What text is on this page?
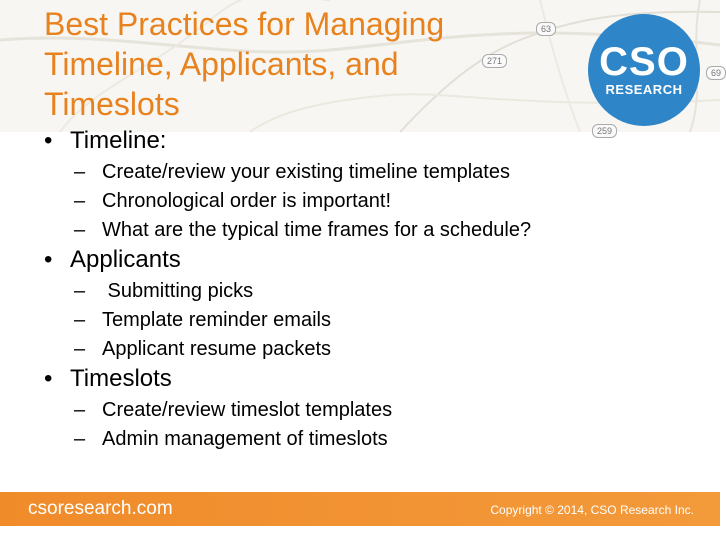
63
271
69
259
Best Practices for Managing Timeline, Applicants, and Timeslots
CSO
RESEARCH
• Timeline:
– Create/review your existing timeline templates
– Chronological order is important!
– What are the typical time frames for a schedule?
• Applicants
– Submitting picks
– Template reminder emails
– Applicant resume packets
• Timeslots
– Create/review timeslot templates
– Admin management of timeslots
csoresearch.com	Copyright © 2014, CSO Research Inc.
